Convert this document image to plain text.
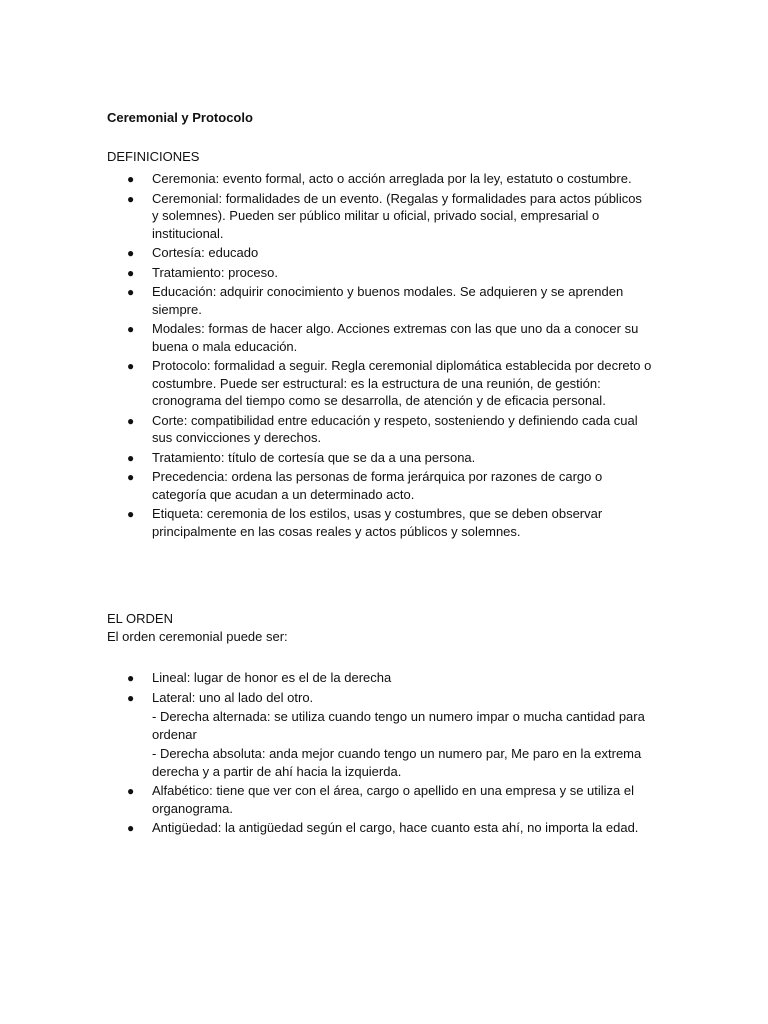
Ceremonial y Protocolo
DEFINICIONES
● Ceremonia: evento formal, acto o acción arreglada por la ley, estatuto o costumbre.
● Ceremonial: formalidades de un evento. (Regalas y formalidades para actos públicos y solemnes). Pueden ser público militar u oficial, privado social, empresarial o institucional.
● Cortesía: educado
● Tratamiento: proceso.
● Educación: adquirir conocimiento y buenos modales. Se adquieren y se aprenden siempre.
● Modales: formas de hacer algo. Acciones extremas con las que uno da a conocer su buena o mala educación.
● Protocolo: formalidad a seguir. Regla ceremonial diplomática establecida por decreto o costumbre. Puede ser estructural: es la estructura de una reunión, de gestión: cronograma del tiempo como se desarrolla, de atención y de eficacia personal.
● Corte: compatibilidad entre educación y respeto, sosteniendo y definiendo cada cual sus convicciones y derechos.
● Tratamiento: título de cortesía que se da a una persona.
● Precedencia: ordena las personas de forma jerárquica por razones de cargo o categoría que acudan a un determinado acto.
● Etiqueta: ceremonia de los estilos, usas y costumbres, que se deben observar principalmente en las cosas reales y actos públicos y solemnes.
EL ORDEN
El orden ceremonial puede ser:
● Lineal: lugar de honor es el de la derecha
● Lateral: uno al lado del otro.
- Derecha alternada: se utiliza cuando tengo un numero impar o mucha cantidad para ordenar
- Derecha absoluta: anda mejor cuando tengo un numero par, Me paro en la extrema derecha y a partir de ahí hacia la izquierda.
● Alfabético: tiene que ver con el área, cargo o apellido en una empresa y se utiliza el organograma.
● Antigüedad: la antigüedad según el cargo, hace cuanto esta ahí, no importa la edad.
